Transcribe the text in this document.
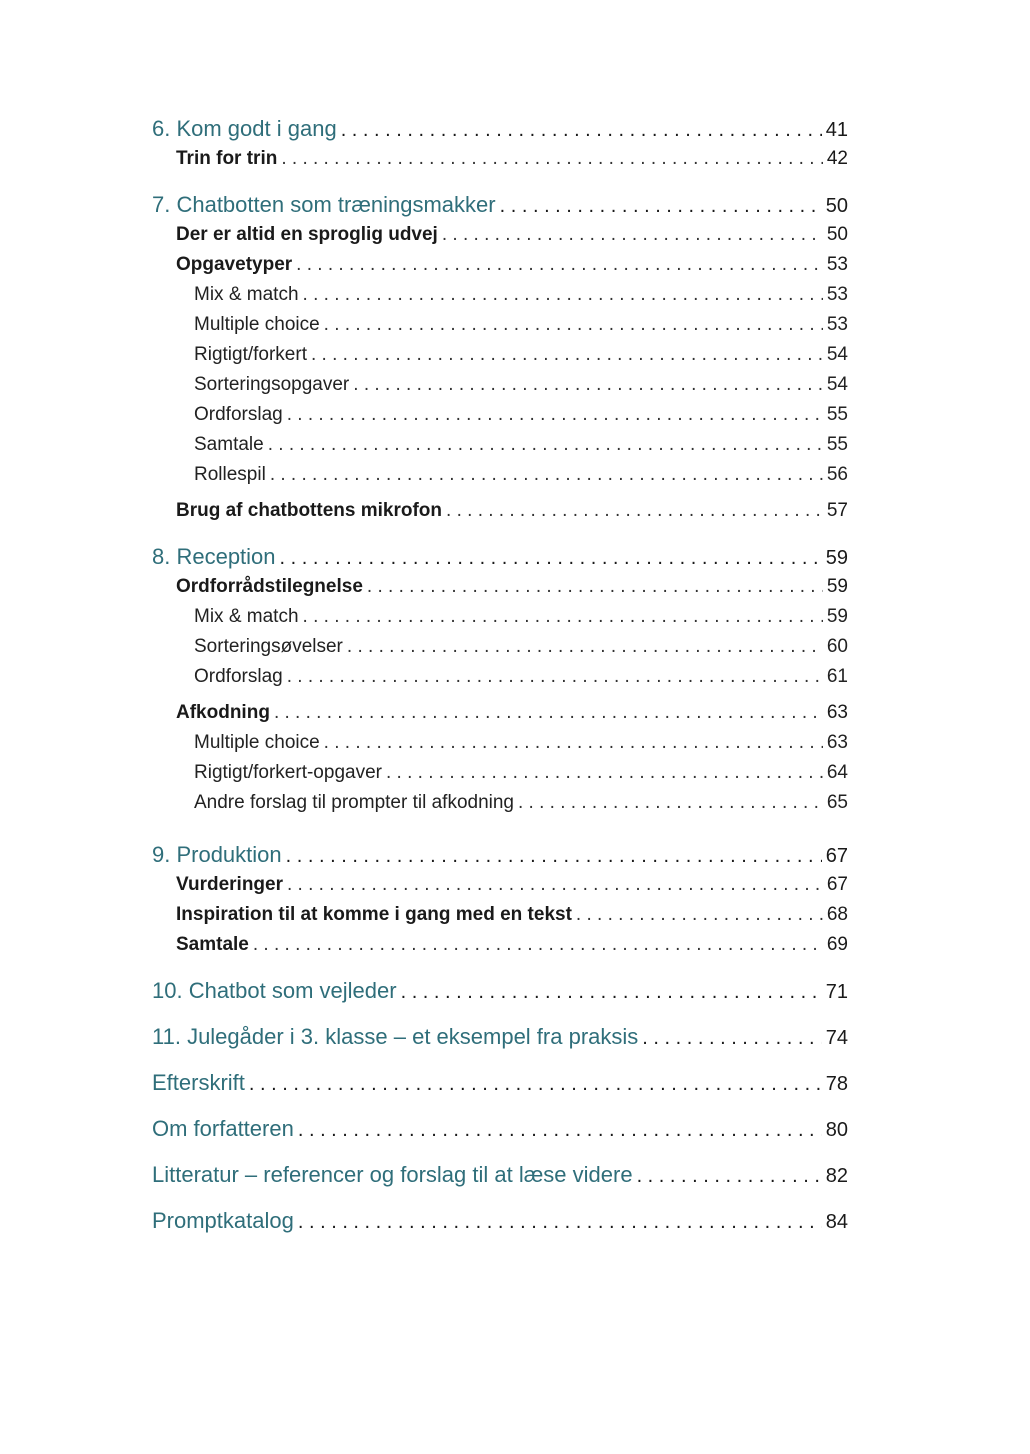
6. Kom godt i gang . . .	41
Trin for trin . . .	42
7. Chatbotten som træningsmakker . . .	50
Der er altid en sproglig udvej . . .	50
Opgavetyper . . .	53
Mix & match . . .	53
Multiple choice . . .	53
Rigtigt/forkert . . .	54
Sorteringsopgaver . . .	54
Ordforslag . . .	55
Samtale . . .	55
Rollespil . . .	56
Brug af chatbottens mikrofon . . .	57
8. Reception . . .	59
Ordforrådstilegnelse . . .	59
Mix & match . . .	59
Sorteringsøvelser . . .	60
Ordforslag . . .	61
Afkodning . . .	63
Multiple choice . . .	63
Rigtigt/forkert-opgaver . . .	64
Andre forslag til prompter til afkodning . . .	65
9. Produktion . . .	67
Vurderinger . . .	67
Inspiration til at komme i gang med en tekst . . .	68
Samtale . . .	69
10. Chatbot som vejleder . . .	71
11. Julegåder i 3. klasse – et eksempel fra praksis . . .	74
Efterskrift . . .	78
Om forfatteren . . .	80
Litteratur – referencer og forslag til at læse videre . . .	82
Promptkatalog . . .	84
